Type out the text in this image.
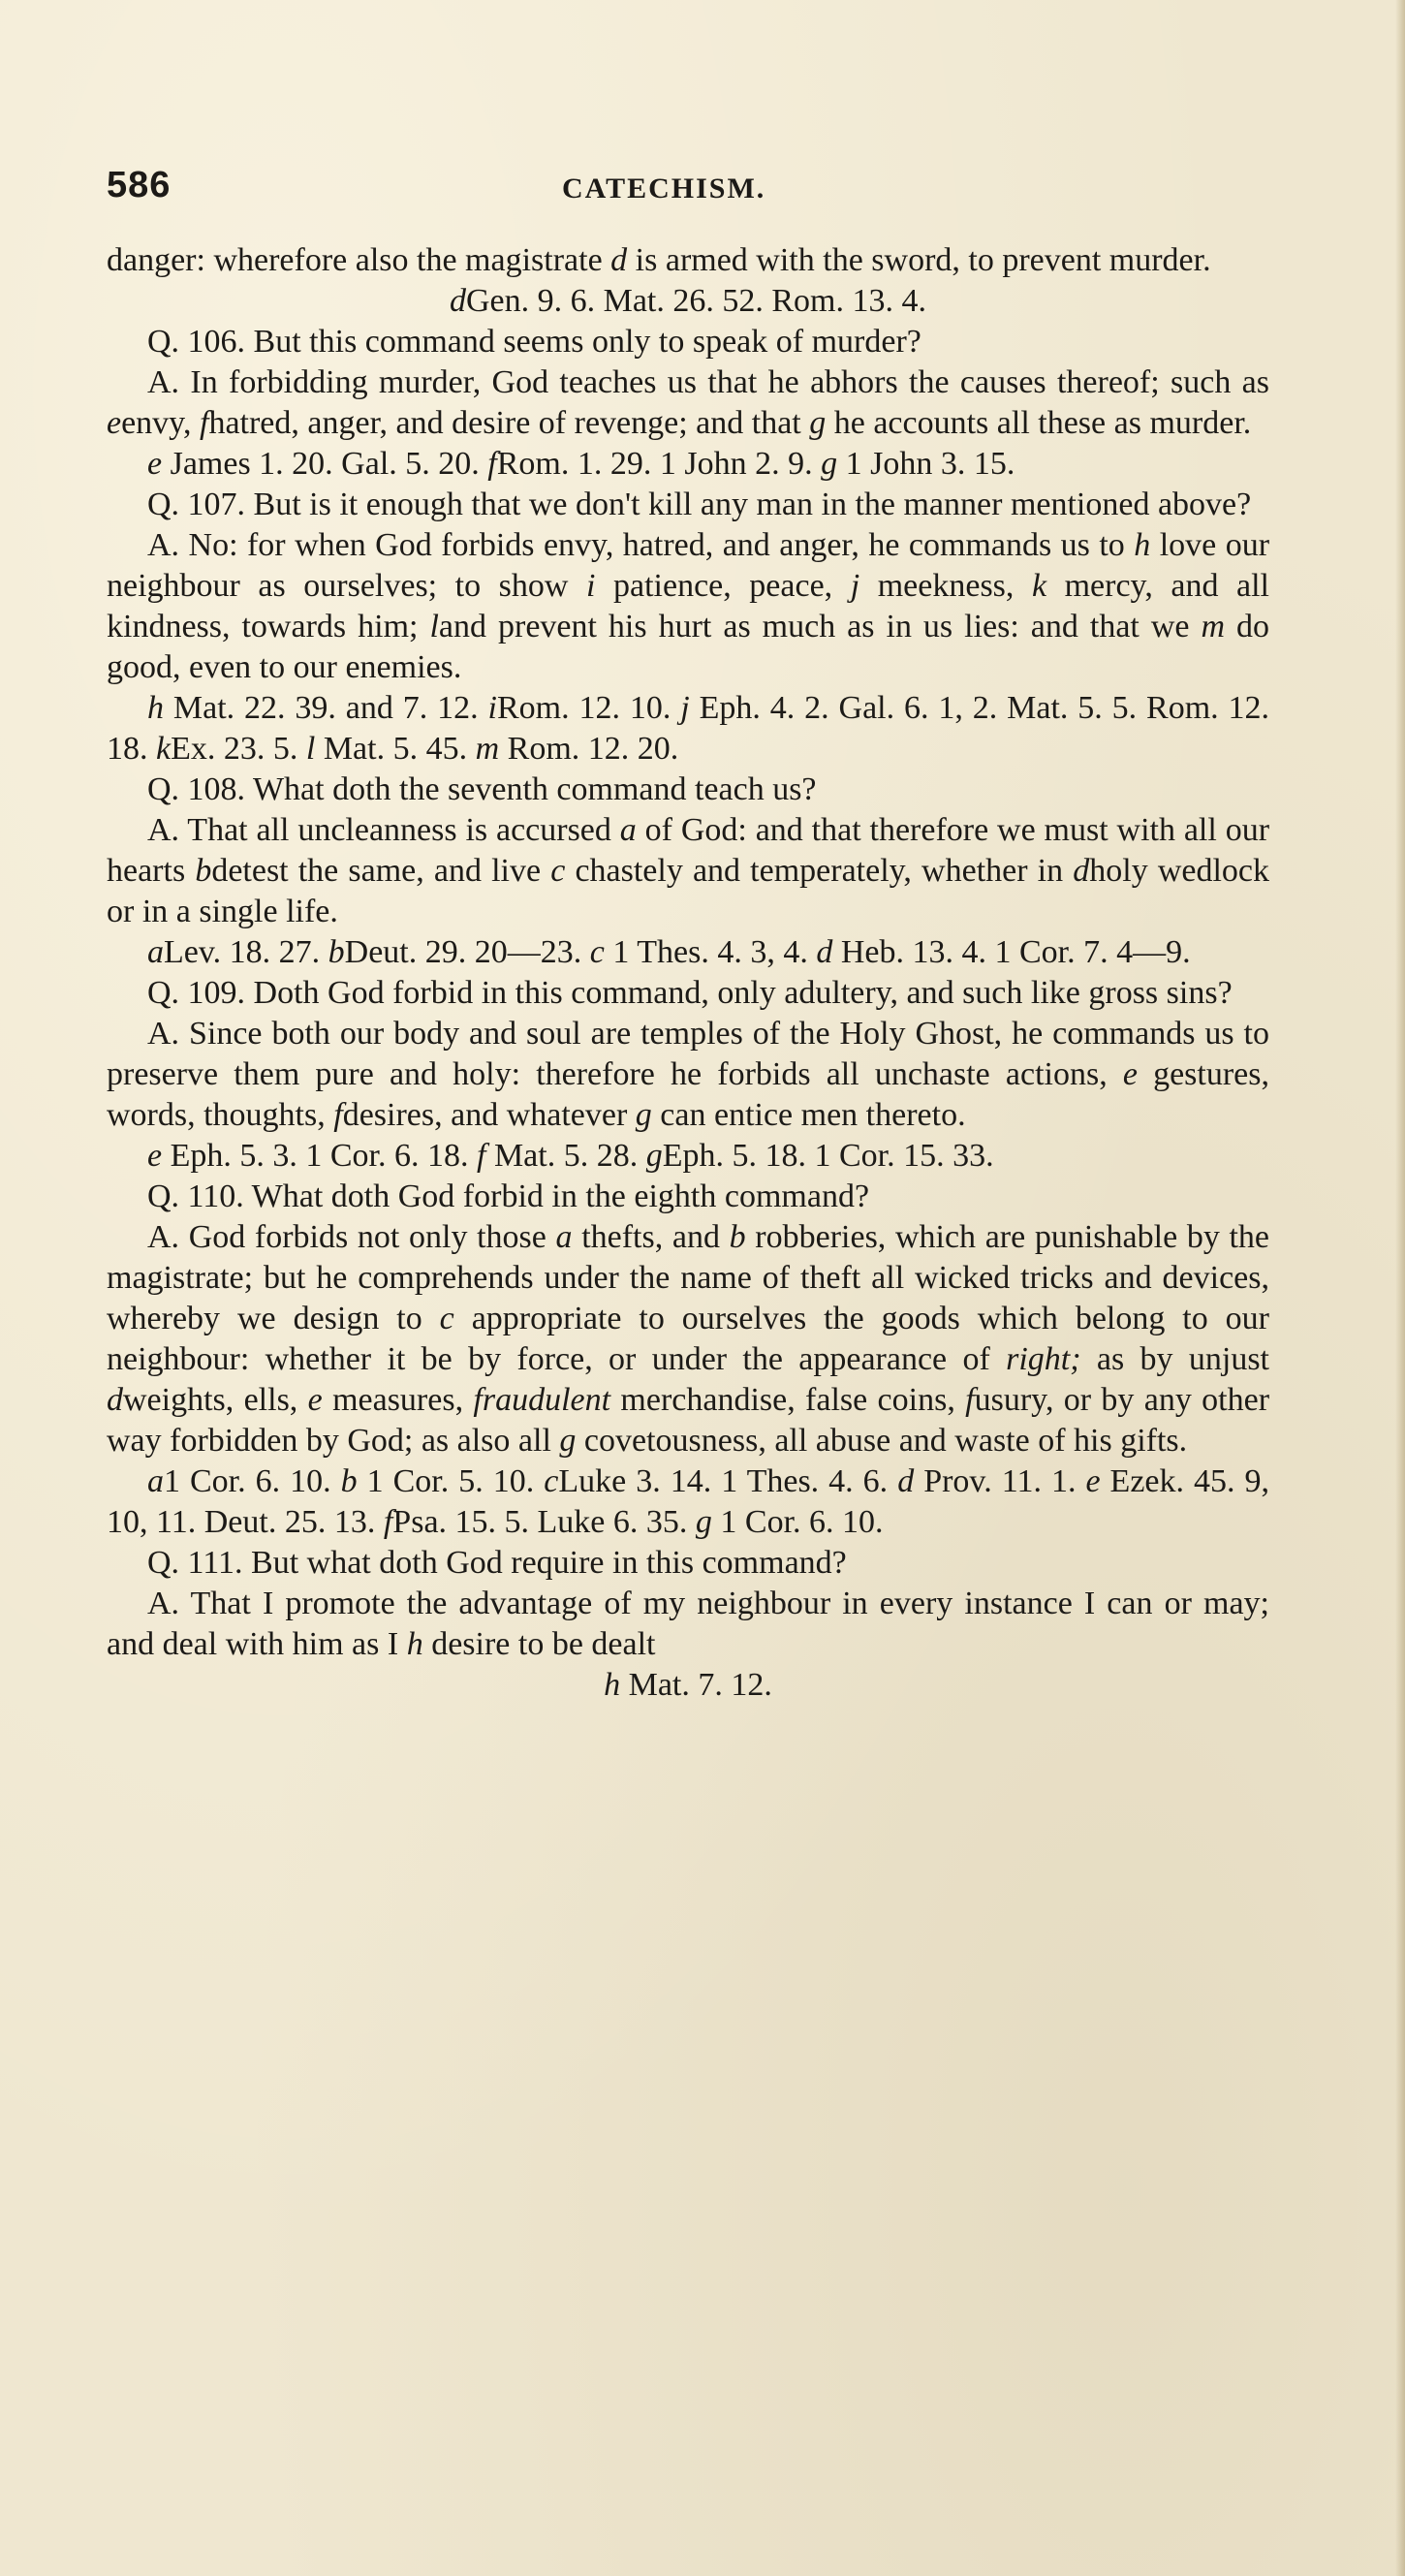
586	CATECHISM.

danger: wherefore also the magistrate d is armed with the sword, to prevent murder.

dGen. 9. 6. Mat. 26. 52. Rom. 13. 4.

Q. 106. But this command seems only to speak of murder?

A. In forbidding murder, God teaches us that he abhors the causes thereof; such as eenvy, fhatred, anger, and desire of revenge; and that g he accounts all these as murder.

e James 1. 20. Gal. 5. 20. fRom. 1. 29. 1 John 2. 9. g 1 John 3. 15.

Q. 107. But is it enough that we don't kill any man in the manner mentioned above?

A. No: for when God forbids envy, hatred, and anger, he commands us to h love our neighbour as ourselves; to show i patience, peace, j meekness, k mercy, and all kindness, towards him; land prevent his hurt as much as in us lies: and that we m do good, even to our enemies.

h Mat. 22. 39. and 7. 12. iRom. 12. 10. j Eph. 4. 2. Gal. 6. 1, 2. Mat. 5. 5. Rom. 12. 18. kEx. 23. 5. l Mat. 5. 45. m Rom. 12. 20.

Q. 108. What doth the seventh command teach us?

A. That all uncleanness is accursed a of God: and that therefore we must with all our hearts bdetest the same, and live c chastely and temperately, whether in dholy wedlock or in a single life.

aLev. 18. 27. bDeut. 29. 20—23. c 1 Thes. 4. 3, 4. d Heb. 13. 4. 1 Cor. 7. 4—9.

Q. 109. Doth God forbid in this command, only adultery, and such like gross sins?

A. Since both our body and soul are temples of the Holy Ghost, he commands us to preserve them pure and holy: therefore he forbids all unchaste actions, e gestures, words, thoughts, fdesires, and whatever g can entice men thereto.

e Eph. 5. 3. 1 Cor. 6. 18. f Mat. 5. 28. gEph. 5. 18. 1 Cor. 15. 33.

Q. 110. What doth God forbid in the eighth command?

A. God forbids not only those a thefts, and b robberies, which are punishable by the magistrate; but he comprehends under the name of theft all wicked tricks and devices, whereby we design to c appropriate to ourselves the goods which belong to our neighbour: whether it be by force, or under the appearance of right; as by unjust dweights, ells, e measures, fraudulent merchandise, false coins, fusury, or by any other way forbidden by God; as also all g covetousness, all abuse and waste of his gifts.

a1 Cor. 6. 10. b 1 Cor. 5. 10. cLuke 3. 14. 1 Thes. 4. 6. d Prov. 11. 1. e Ezek. 45. 9, 10, 11. Deut. 25. 13. fPsa. 15. 5. Luke 6. 35. g 1 Cor. 6. 10.

Q. 111. But what doth God require in this command?

A. That I promote the advantage of my neighbour in every instance I can or may; and deal with him as I h desire to be dealt

h Mat. 7. 12.
